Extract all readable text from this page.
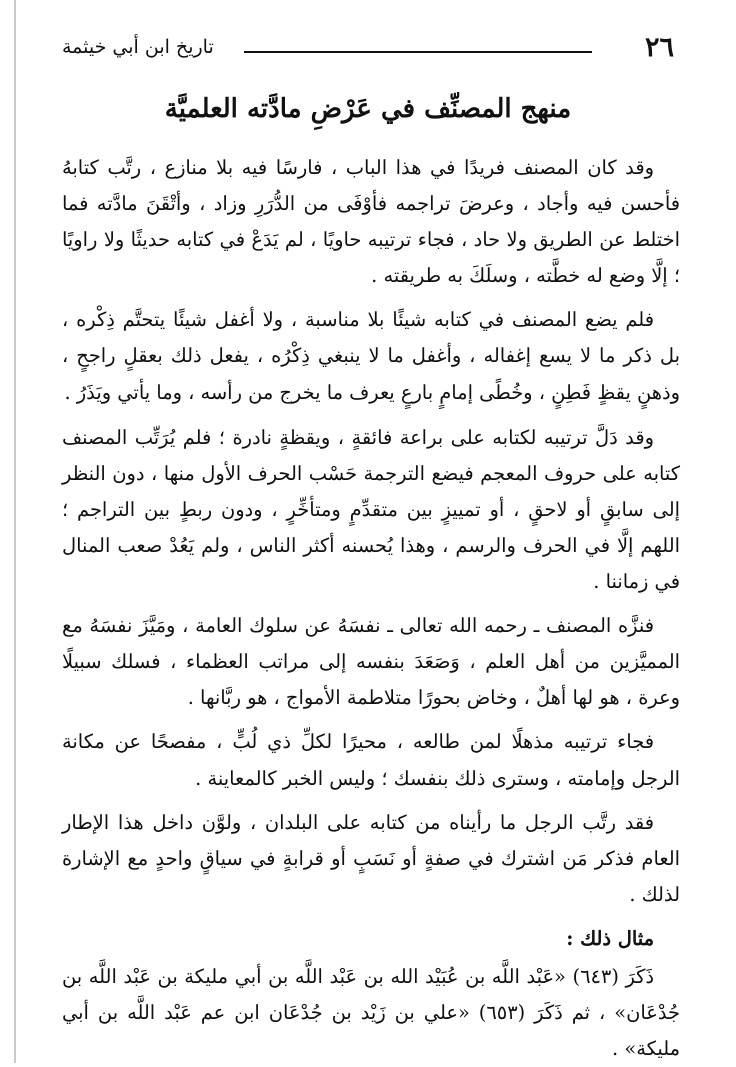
٢٦
تاريخ ابن أبي خيثمة
منهج المصنِّف في عَرْضِ مادَّته العلميَّة

وقد كان المصنف فريدًا في هذا الباب ، فارسًا فيه بلا منازع ، رتَّب كتابهُ فأحسن فيه وأجاد ، وعرضَ تراجمه فأوْفَى من الدُّرَرِ وزاد ، وأتْقَنَ مادَّته فما اختلط عن الطريق ولا حاد ، فجاء ترتيبه حاويًا ، لم يَدَعْ في كتابه حديثًا ولا راويًا ؛ إلَّا وضع له خطَّته ، وسلَكَ به طريقته .

فلم يضع المصنف في كتابه شيئًا بلا مناسبة ، ولا أغفل شيئًا يتحتَّم ذِكْره ، بل ذكر ما لا يسع إغفاله ، وأغفل ما لا ينبغي ذِكْرُه ، يفعل ذلك بعقلٍ راجحٍ ، وذهنٍ يقظٍ فَطِنٍ ، وخُطًى إمامٍ بارعٍ يعرف ما يخرج من رأسه ، وما يأتي ويَذَرُ .

وقد دَلَّ ترتيبه لكتابه على براعة فائقةٍ ، ويقظةٍ نادرة ؛ فلم يُرَتِّب المصنف كتابه على حروف المعجم فيضع الترجمة حَسْب الحرف الأول منها ، دون النظر إلى سابقٍ أو لاحقٍ ، أو تمييزٍ بين متقدِّمٍ ومتأخِّرٍ ، ودون ربطٍ بين التراجم ؛ اللهم إلَّا في الحرف والرسم ، وهذا يُحسنه أكثر الناس ، ولم يَعُدْ صعب المنال في زماننا .

فنزَّه المصنف ـ رحمه الله تعالى ـ نفسَهُ عن سلوك العامة ، ومَيَّزَ نفسَهُ مع المميَّزين من أهل العلم ، وَصَعَدَ بنفسه إلى مراتب العظماء ، فسلك سبيلًا وعرة ، هو لها أهلٌ ، وخاض بحورًا متلاطمة الأمواج ، هو ربَّانها .

فجاء ترتيبه مذهلًا لمن طالعه ، محيرًا لكلِّ ذي لُبٍّ ، مفصحًا عن مكانة الرجل وإمامته ، وسترى ذلك بنفسك ؛ وليس الخبر كالمعاينة .

فقد رتَّب الرجل ما رأيناه من كتابه على البلدان ، ولوَّن داخل هذا الإطار العام فذكر مَن اشترك في صفةٍ أو نَسَبٍ أو قرابةٍ في سياقٍ واحدٍ مع الإشارة لذلك .

مثال ذلك :

ذَكَرَ (٦٤٣) «عَبْد اللَّه بن عُبَيْد الله بن عَبْد اللَّه بن أبي مليكة بن عَبْد اللَّه بن جُدْعَان» ، ثم ذَكَرَ (٦٥٣) «علي بن زَيْد بن جُدْعَان ابن عم عَبْد اللَّه بن أبي مليكة» .
